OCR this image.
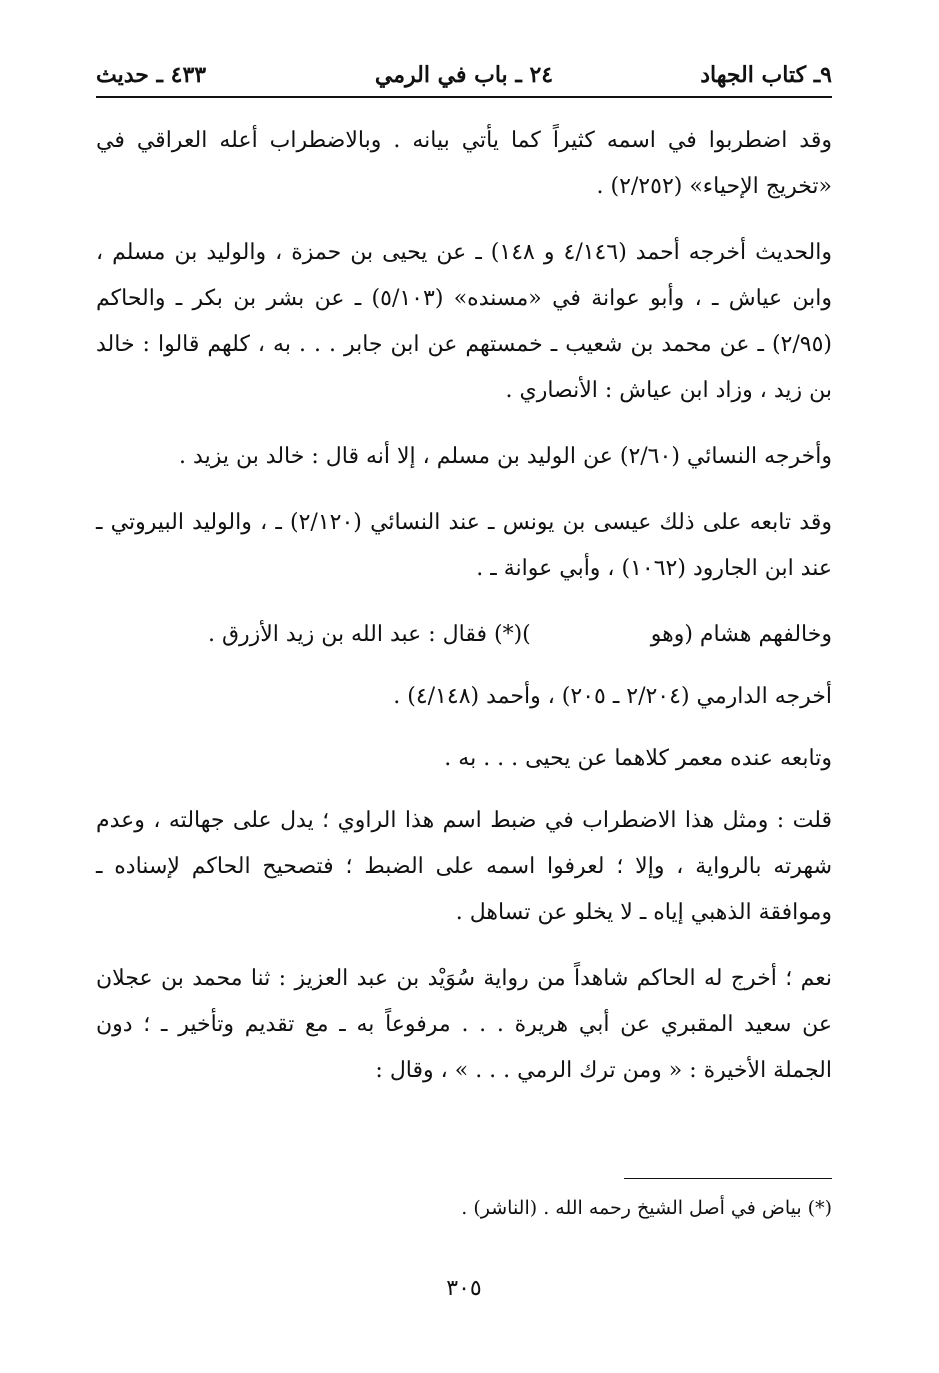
٩ـ كتاب الجهاد
٢٤ ـ باب في الرمي
٤٣٣ ـ حديث

وقد اضطربوا في اسمه كثيراً كما يأتي بيانه . وبالاضطراب أعله العراقي في «تخريج الإحياء» (٢/٢٥٢) .

والحديث أخرجه أحمد (٤/١٤٦ و ١٤٨) ـ عن يحيى بن حمزة ، والوليد بن مسلم ، وابن عياش ـ ، وأبو عوانة في «مسنده» (٥/١٠٣) ـ عن بشر بن بكر ـ والحاكم (٢/٩٥) ـ عن محمد بن شعيب ـ خمستهم عن ابن جابر . . . به ، كلهم قالوا : خالد بن زيد ، وزاد ابن عياش : الأنصاري .

وأخرجه النسائي (٢/٦٠) عن الوليد بن مسلم ، إلا أنه قال : خالد بن يزيد .

وقد تابعه على ذلك عيسى بن يونس ـ عند النسائي (٢/١٢٠) ـ ، والوليد البيروتي ـ عند ابن الجارود (١٠٦٢) ، وأبي عوانة ـ .

وخالفهم هشام (وهو)(*) فقال : عبد الله بن زيد الأزرق .

أخرجه الدارمي (٢/٢٠٤ ـ ٢٠٥) ، وأحمد (٤/١٤٨) .

وتابعه عنده معمر كلاهما عن يحيى . . . به .

قلت : ومثل هذا الاضطراب في ضبط اسم هذا الراوي ؛ يدل على جهالته ، وعدم شهرته بالرواية ، وإلا ؛ لعرفوا اسمه على الضبط ؛ فتصحيح الحاكم لإسناده ـ وموافقة الذهبي إياه ـ لا يخلو عن تساهل .

نعم ؛ أخرج له الحاكم شاهداً من رواية سُوَيْد بن عبد العزيز : ثنا محمد بن عجلان عن سعيد المقبري عن أبي هريرة . . . مرفوعاً به ـ مع تقديم وتأخير ـ ؛ دون الجملة الأخيرة : « ومن ترك الرمي . . . » ، وقال :

(*) بياض في أصل الشيخ رحمه الله . (الناشر) .
٣٠٥
